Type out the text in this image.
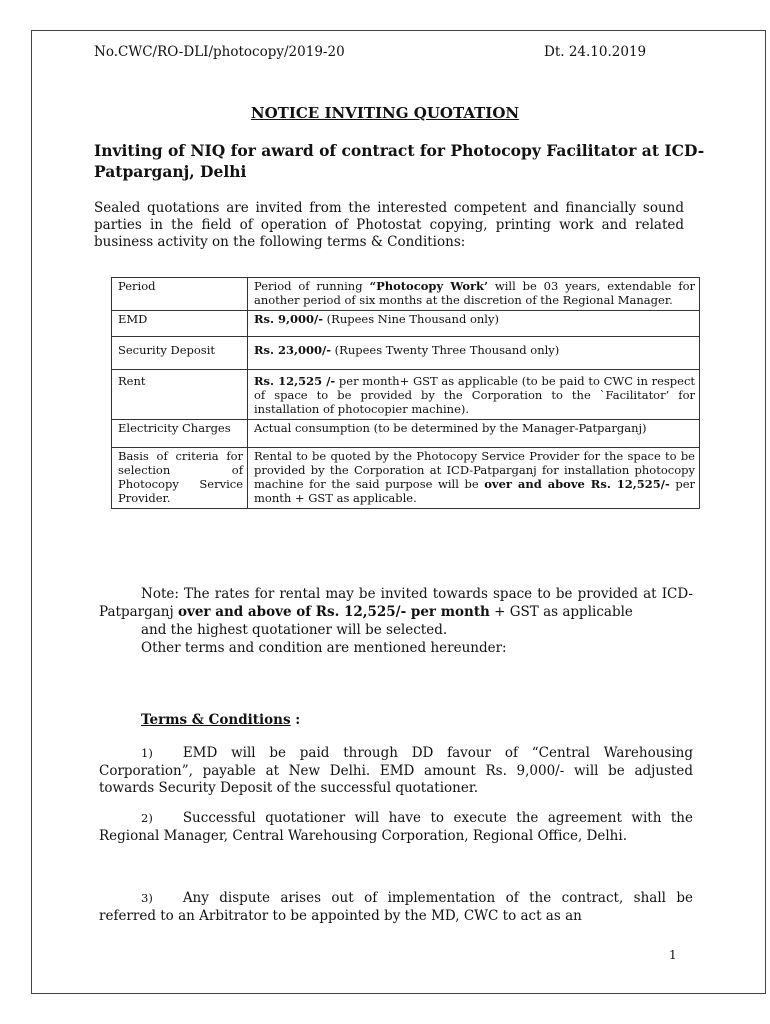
No.CWC/RO-DLI/photocopy/2019-20	Dt. 24.10.2019
NOTICE INVITING QUOTATION
Inviting of NIQ for award of contract for Photocopy Facilitator at ICD-Patparganj, Delhi
Sealed quotations are invited from the interested competent and financially sound parties in the field of operation of Photostat copying, printing work and related business activity on the following terms & Conditions:
Period	Period of running “Photocopy Work’ will be 03 years, extendable for another period of six months at the discretion of the Regional Manager.
EMD	Rs. 9,000/- (Rupees Nine Thousand only)
Security Deposit	Rs. 23,000/- (Rupees Twenty Three Thousand only)
Rent	Rs. 12,525 /- per month+ GST as applicable (to be paid to CWC in respect of space to be provided by the Corporation to the `Facilitator’ for installation of photocopier machine).
Electricity Charges	Actual consumption (to be determined by the Manager-Patparganj)
Basis of criteria for selection of Photocopy Service Provider.	Rental to be quoted by the Photocopy Service Provider for the space to be provided by the Corporation at ICD-Patparganj for installation photocopy machine for the said purpose will be over and above Rs. 12,525/- per month + GST as applicable.
Note: The rates for rental may be invited towards space to be provided at ICD-Patparganj over and above of Rs. 12,525/- per month + GST as applicable
and the highest quotationer will be selected.
Other terms and condition are mentioned hereunder:
Terms & Conditions :
1) EMD will be paid through DD favour of “Central Warehousing Corporation”, payable at New Delhi. EMD amount Rs. 9,000/- will be adjusted towards Security Deposit of the successful quotationer.
2) Successful quotationer will have to execute the agreement with the Regional Manager, Central Warehousing Corporation, Regional Office, Delhi.
3) Any dispute arises out of implementation of the contract, shall be referred to an Arbitrator to be appointed by the MD, CWC to act as an
1
